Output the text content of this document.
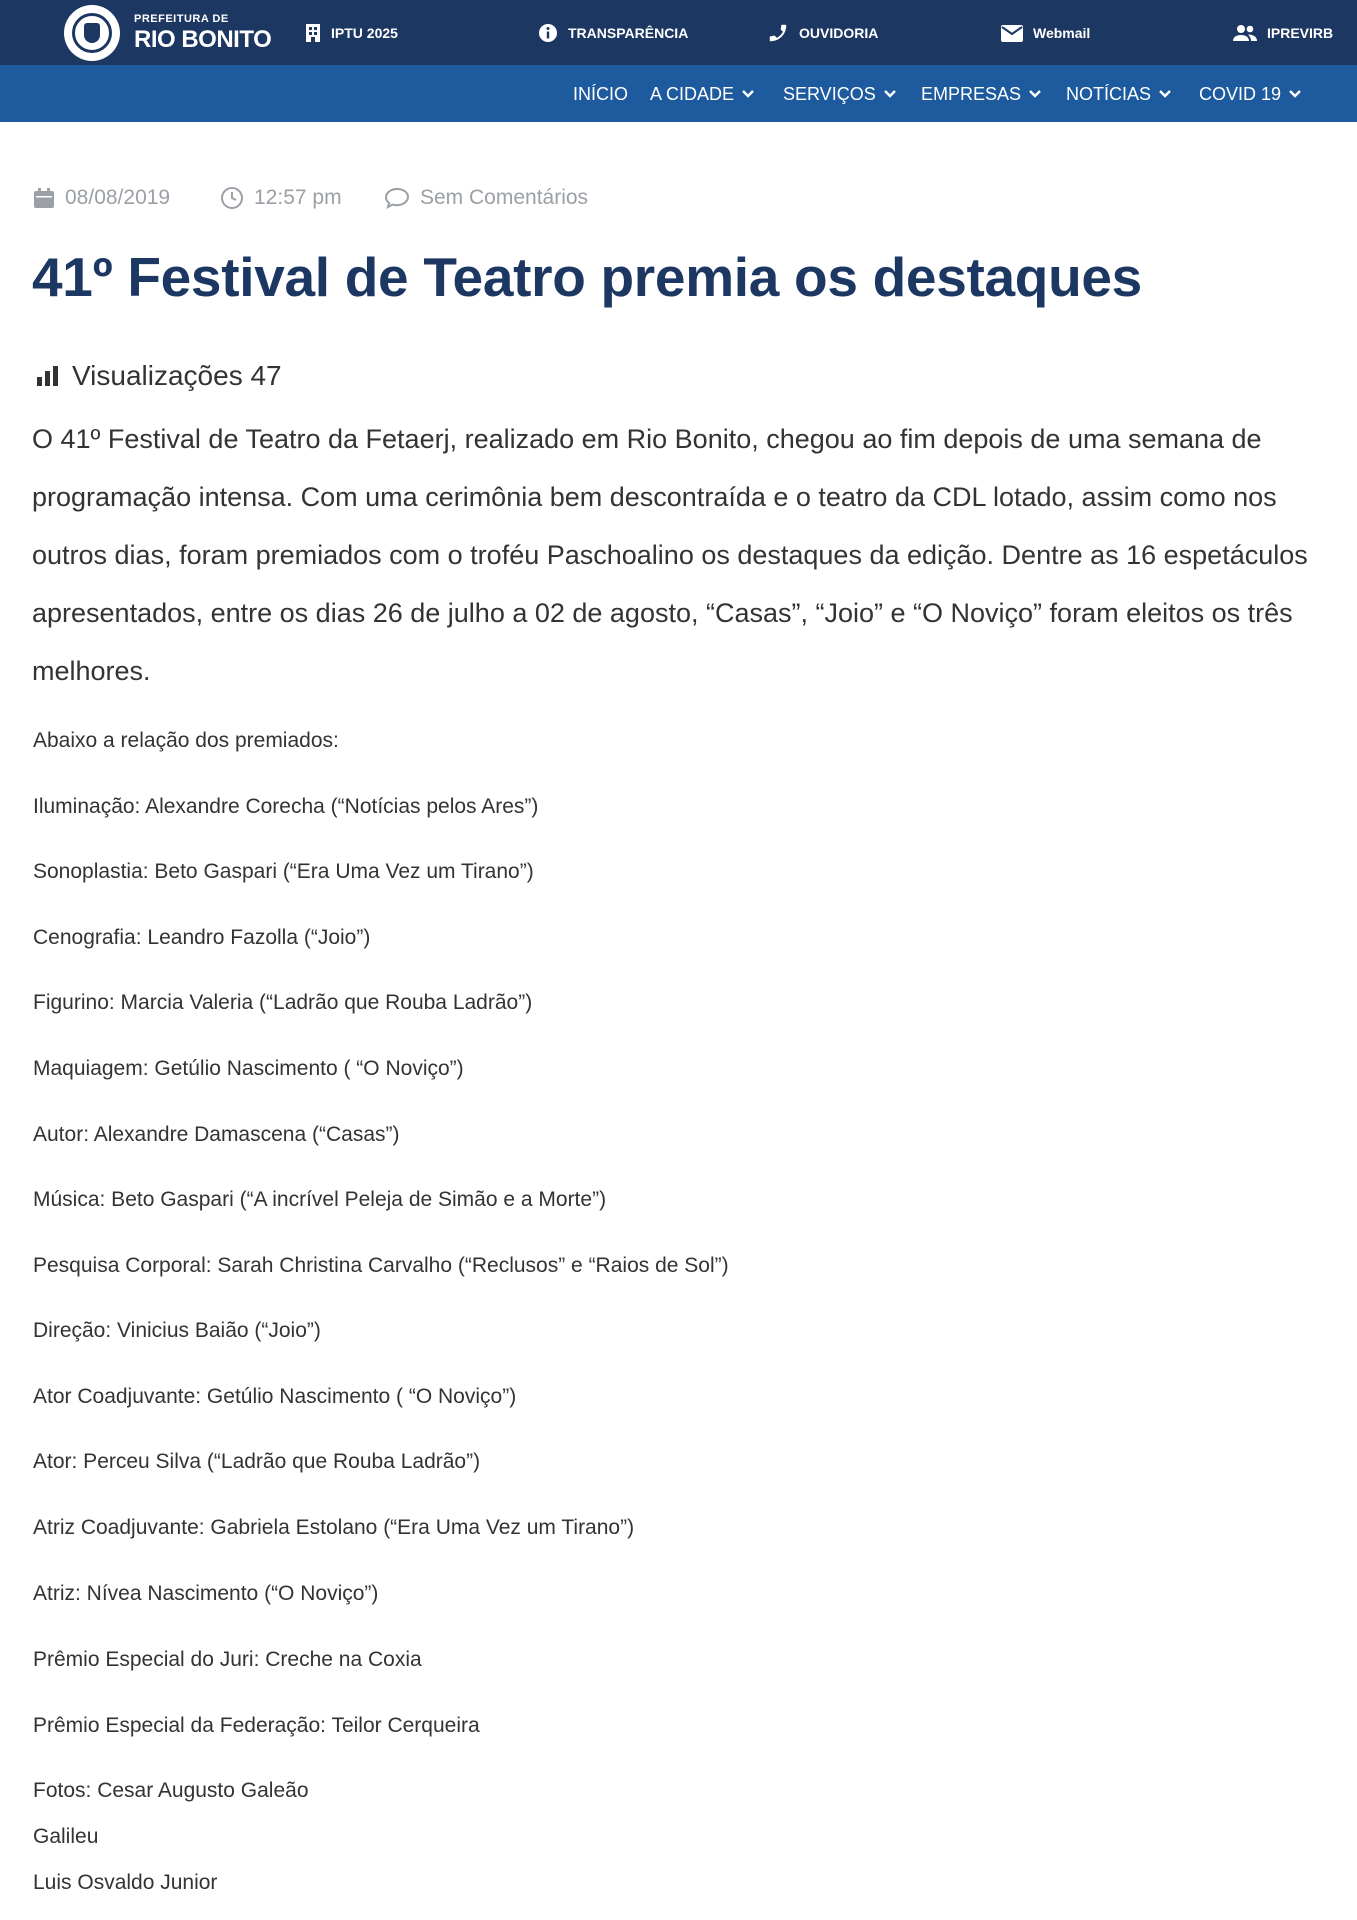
PREFEITURA DE
RIO BONITO	IPTU 2025	TRANSPARÊNCIA	OUVIDORIA	Webmail	IPREVIRB
INÍCIO A CIDADE	SERVIÇOS	EMPRESAS NOTÍCIAS	COVID 19
08/08/2019	12:57 pm	Sem Comentários
41º Festival de Teatro premia os destaques
Visualizações 47

O 41º Festival de Teatro da Fetaerj, realizado em Rio Bonito, chegou ao fim depois de uma semana de programação intensa. Com uma cerimônia bem descontraída e o teatro da CDL lotado, assim como nos outros dias, foram premiados com o troféu Paschoalino os destaques da edição. Dentre as 16 espetáculos apresentados, entre os dias 26 de julho a 02 de agosto, “Casas”, “Joio” e “O Noviço” foram eleitos os três melhores.

Abaixo a relação dos premiados:

Iluminação: Alexandre Corecha (“Notícias pelos Ares”)

Sonoplastia: Beto Gaspari (“Era Uma Vez um Tirano”)

Cenografia: Leandro Fazolla (“Joio”)

Figurino: Marcia Valeria (“Ladrão que Rouba Ladrão”)

Maquiagem: Getúlio Nascimento ( “O Noviço”)

Autor: Alexandre Damascena (“Casas”)

Música: Beto Gaspari (“A incrível Peleja de Simão e a Morte”)

Pesquisa Corporal: Sarah Christina Carvalho (“Reclusos” e “Raios de Sol”)

Direção: Vinicius Baião (“Joio”)

Ator Coadjuvante: Getúlio Nascimento ( “O Noviço”)

Ator: Perceu Silva (“Ladrão que Rouba Ladrão”)

Atriz Coadjuvante: Gabriela Estolano (“Era Uma Vez um Tirano”)

Atriz: Nívea Nascimento (“O Noviço”)

Prêmio Especial do Juri: Creche na Coxia

Prêmio Especial da Federação: Teilor Cerqueira

Fotos: Cesar Augusto Galeão

Galileu

Luis Osvaldo Junior
